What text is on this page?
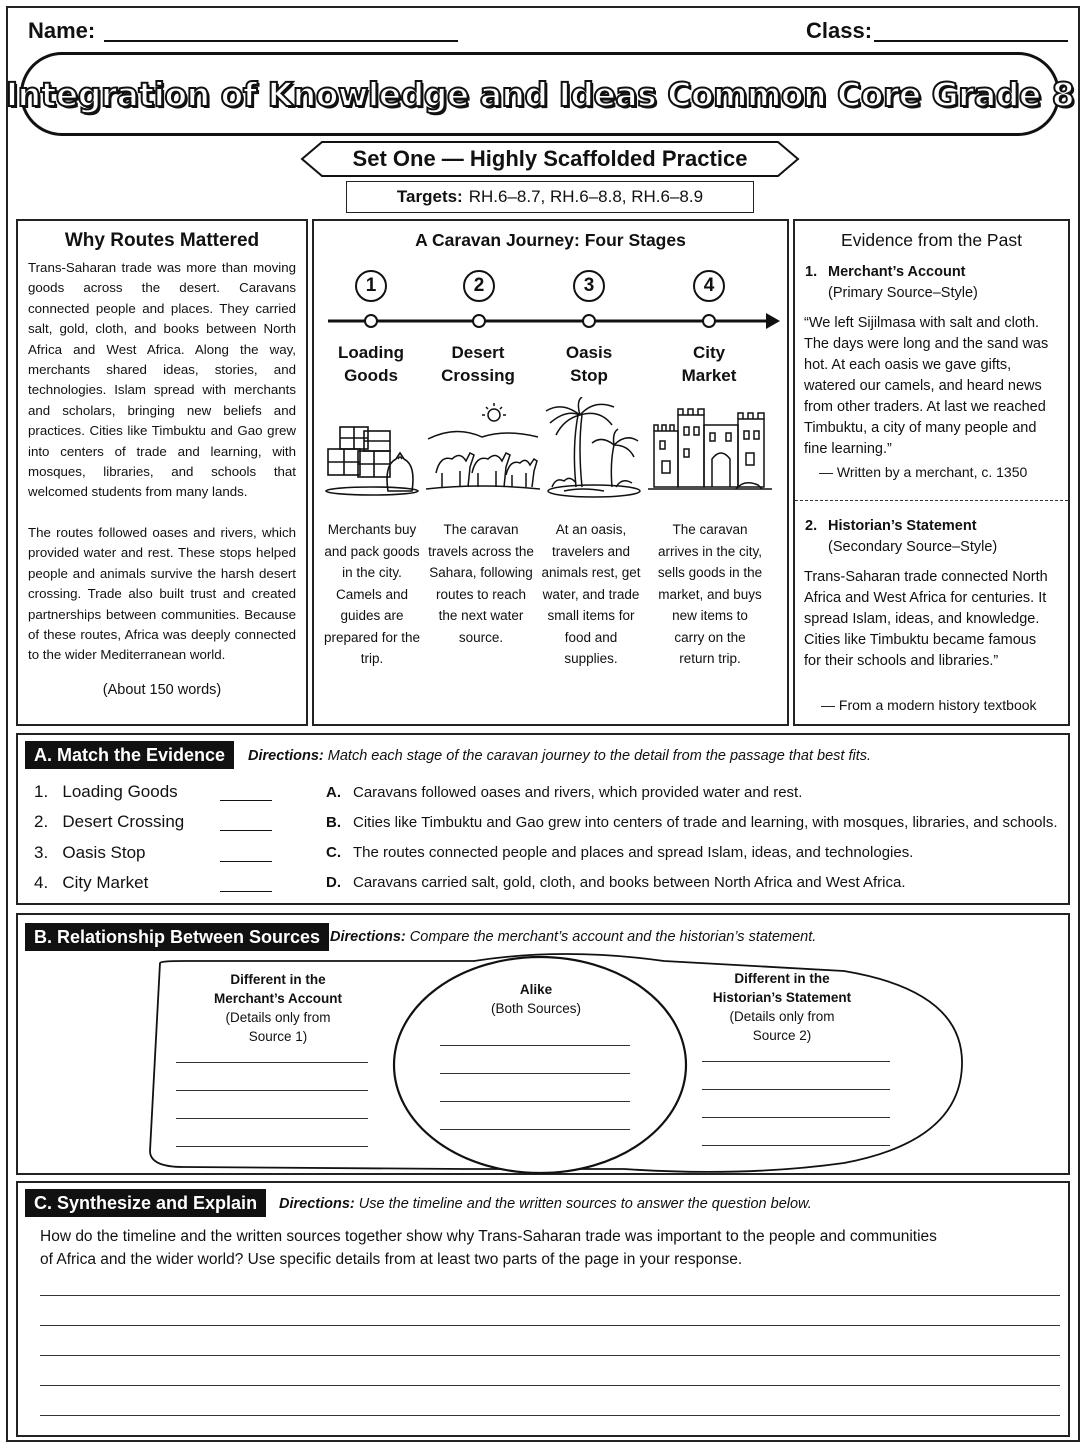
Name:	Class:
Integration of Knowledge and Ideas Common Core Grade 8
Set One — Highly Scaffolded Practice
Targets: RH.6–8.7, RH.6–8.8, RH.6–8.9
Why Routes Mattered
Trans-Saharan trade was more than moving goods across the desert. Caravans connected people and places. They carried salt, gold, cloth, and books between North Africa and West Africa. Along the way, merchants shared ideas, stories, and technologies. Islam spread with merchants and scholars, bringing new beliefs and practices. Cities like Timbuktu and Gao grew into centers of trade and learning, with mosques, libraries, and schools that welcomed students from many lands.
The routes followed oases and rivers, which provided water and rest. These stops helped people and animals survive the harsh desert crossing. Trade also built trust and created partnerships between communities. Because of these routes, Africa was deeply connected to the wider Mediterranean world.
(About 150 words)
A Caravan Journey: Four Stages
1
Loading
Goods
Merchants buy and pack goods in the city. Camels and guides are prepared for the trip.
2
Desert
Crossing
The caravan travels across the Sahara, following routes to reach the next water source.
3
Oasis
Stop
At an oasis, travelers and animals rest, get water, and trade small items for food and supplies.
4
City
Market
The caravan arrives in the city, sells goods in the market, and buys new items to carry on the return trip.
Evidence from the Past
1. Merchant’s Account
(Primary Source–Style)
“We left Sijilmasa with salt and cloth. The days were long and the sand was hot. At each oasis we gave gifts, watered our camels, and heard news from other traders. At last we reached Timbuktu, a city of many people and fine learning.”
— Written by a merchant, c. 1350
2. Historian’s Statement
(Secondary Source–Style)
Trans-Saharan trade connected North Africa and West Africa for centuries. It spread Islam, ideas, and knowledge. Cities like Timbuktu became famous for their schools and libraries.”
— From a modern history textbook
A. Match the Evidence	Directions: Match each stage of the caravan journey to the detail from the passage that best fits.
1. Loading Goods
2. Desert Crossing
3. Oasis Stop
4. City Market
A. Caravans followed oases and rivers, which provided water and rest.
B. Cities like Timbuktu and Gao grew into centers of trade and learning, with mosques, libraries, and schools.
C. The routes connected people and places and spread Islam, ideas, and technologies.
D. Caravans carried salt, gold, cloth, and books between North Africa and West Africa.
B. Relationship Between Sources Directions: Compare the merchant’s account and the historian’s statement.
Different in the
Merchant’s Account
(Details only from
Source 1)
Alike
(Both Sources)
Different in the
Historian’s Statement
(Details only from
Source 2)
C. Synthesize and Explain	Directions: Use the timeline and the written sources to answer the question below.
How do the timeline and the written sources together show why Trans-Saharan trade was important to the people and communities of Africa and the wider world? Use specific details from at least two parts of the page in your response.
